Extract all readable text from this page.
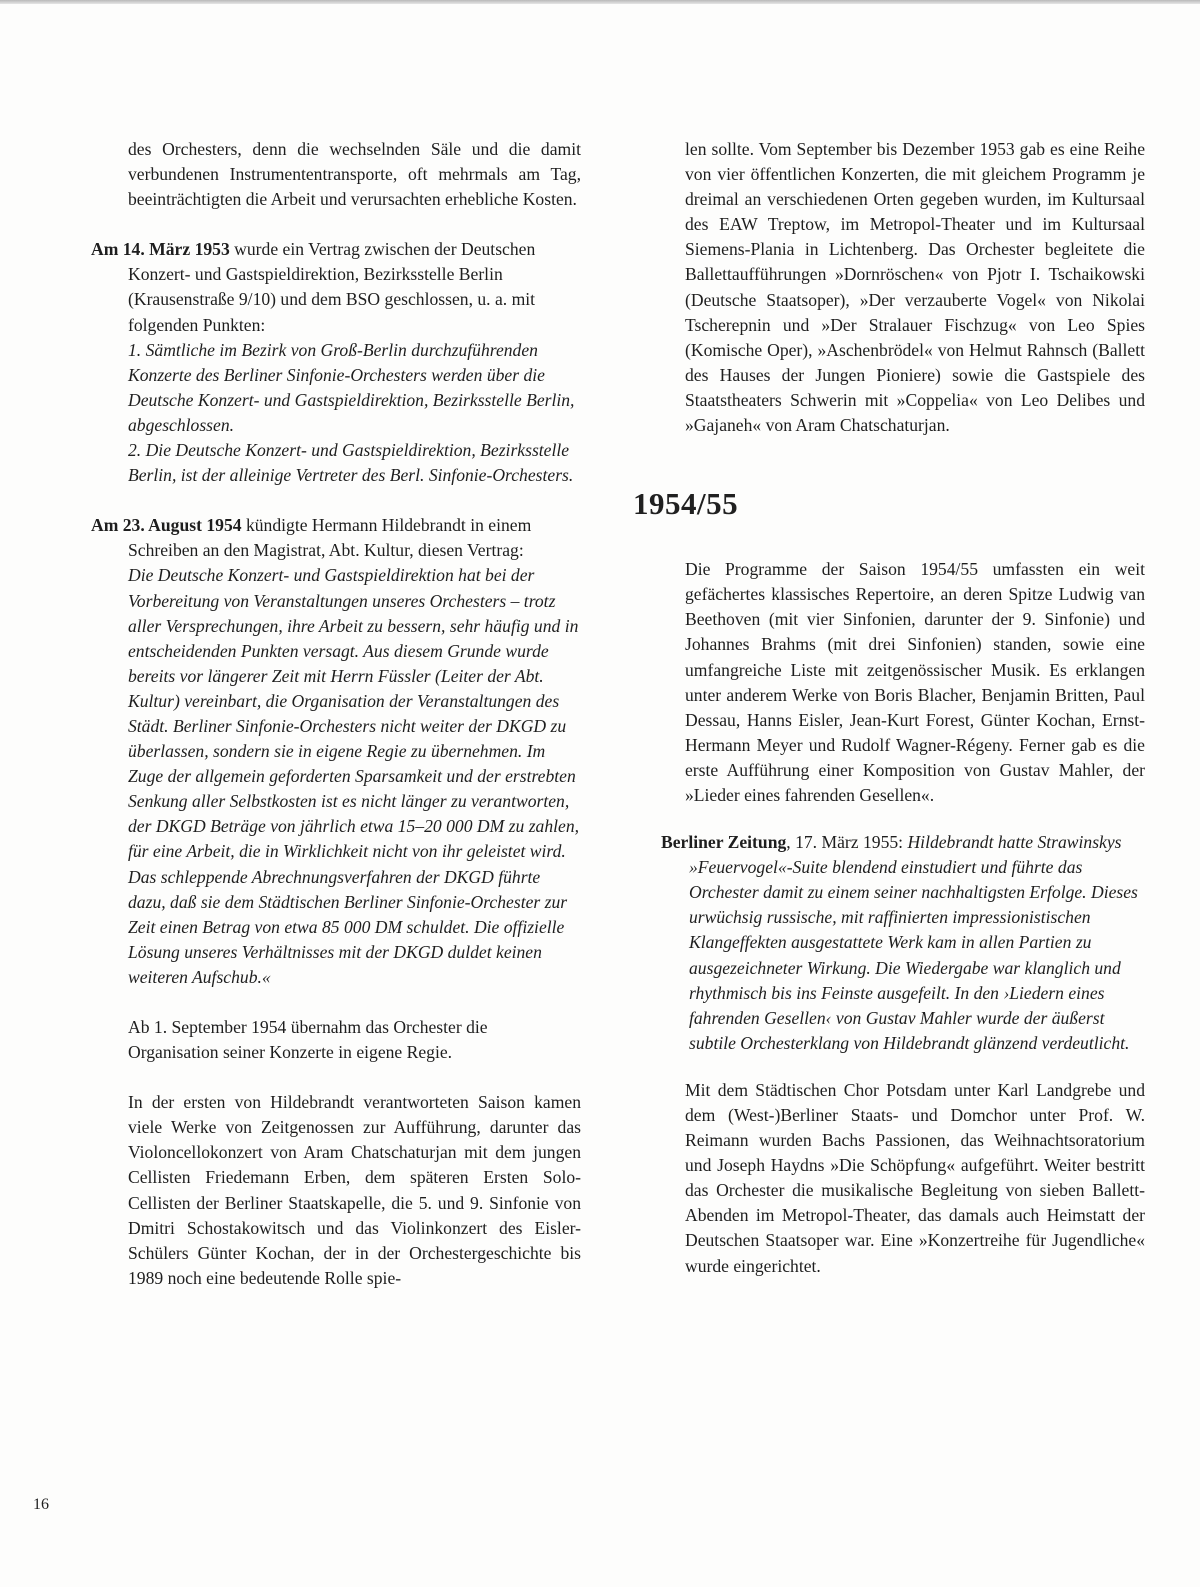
des Orchesters, denn die wechselnden Säle und die damit verbundenen Instrumententransporte, oft mehrmals am Tag, beeinträchtigten die Arbeit und verursachten erhebliche Kosten.

Am 14. März 1953 wurde ein Vertrag zwischen der Deutschen Konzert- und Gastspieldirektion, Bezirksstelle Berlin (Krausenstraße 9/10) und dem BSO geschlossen, u. a. mit folgenden Punkten:

1. Sämtliche im Bezirk von Groß-Berlin durchzuführenden Konzerte des Berliner Sinfonie-Orchesters werden über die Deutsche Konzert- und Gastspieldirektion, Bezirksstelle Berlin, abgeschlossen.

2. Die Deutsche Konzert- und Gastspieldirektion, Bezirksstelle Berlin, ist der alleinige Vertreter des Berl. Sinfonie-Orchesters.

Am 23. August 1954 kündigte Hermann Hildebrandt in einem Schreiben an den Magistrat, Abt. Kultur, diesen Vertrag:

Die Deutsche Konzert- und Gastspieldirektion hat bei der Vorbereitung von Veranstaltungen unseres Orchesters – trotz aller Versprechungen, ihre Arbeit zu bessern, sehr häufig und in entscheidenden Punkten versagt. Aus diesem Grunde wurde bereits vor längerer Zeit mit Herrn Füssler (Leiter der Abt. Kultur) vereinbart, die Organisation der Veranstaltungen des Städt. Berliner Sinfonie-Orchesters nicht weiter der DKGD zu überlassen, sondern sie in eigene Regie zu übernehmen. Im Zuge der allgemein geforderten Sparsamkeit und der erstrebten Senkung aller Selbstkosten ist es nicht länger zu verantworten, der DKGD Beträge von jährlich etwa 15–20 000 DM zu zahlen, für eine Arbeit, die in Wirklichkeit nicht von ihr geleistet wird. Das schleppende Abrechnungsverfahren der DKGD führte dazu, daß sie dem Städtischen Berliner Sinfonie-Orchester zur Zeit einen Betrag von etwa 85 000 DM schuldet. Die offizielle Lösung unseres Verhältnisses mit der DKGD duldet keinen weiteren Aufschub.«

Ab 1. September 1954 übernahm das Orchester die Organisation seiner Konzerte in eigene Regie.

In der ersten von Hildebrandt verantworteten Saison kamen viele Werke von Zeitgenossen zur Aufführung, darunter das Violoncellokonzert von Aram Chatschaturjan mit dem jungen Cellisten Friedemann Erben, dem späteren Ersten Solo-Cellisten der Berliner Staatskapelle, die 5. und 9. Sinfonie von Dmitri Schostakowitsch und das Violinkonzert des Eisler-Schülers Günter Kochan, der in der Orchestergeschichte bis 1989 noch eine bedeutende Rolle spie-

len sollte. Vom September bis Dezember 1953 gab es eine Reihe von vier öffentlichen Konzerten, die mit gleichem Programm je dreimal an verschiedenen Orten gegeben wurden, im Kultursaal des EAW Treptow, im Metropol-Theater und im Kultursaal Siemens-Plania in Lichtenberg. Das Orchester begleitete die Ballettaufführungen »Dornröschen« von Pjotr I. Tschaikowski (Deutsche Staatsoper), »Der verzauberte Vogel« von Nikolai Tscherepnin und »Der Stralauer Fischzug« von Leo Spies (Komische Oper), »Aschenbrödel« von Helmut Rahnsch (Ballett des Hauses der Jungen Pioniere) sowie die Gastspiele des Staatstheaters Schwerin mit »Coppelia« von Leo Delibes und »Gajaneh« von Aram Chatschaturjan.

1954/55

Die Programme der Saison 1954/55 umfassten ein weit gefächertes klassisches Repertoire, an deren Spitze Ludwig van Beethoven (mit vier Sinfonien, darunter der 9. Sinfonie) und Johannes Brahms (mit drei Sinfonien) standen, sowie eine umfangreiche Liste mit zeitgenössischer Musik. Es erklangen unter anderem Werke von Boris Blacher, Benjamin Britten, Paul Dessau, Hanns Eisler, Jean-Kurt Forest, Günter Kochan, Ernst-Hermann Meyer und Rudolf Wagner-Régeny. Ferner gab es die erste Aufführung einer Komposition von Gustav Mahler, der »Lieder eines fahrenden Gesellen«.

Berliner Zeitung, 17. März 1955: Hildebrandt hatte Strawinskys »Feuervogel«-Suite blendend einstudiert und führte das Orchester damit zu einem seiner nachhaltigsten Erfolge. Dieses urwüchsig russische, mit raffinierten impressionistischen Klangeffekten ausgestattete Werk kam in allen Partien zu ausgezeichneter Wirkung. Die Wiedergabe war klanglich und rhythmisch bis ins Feinste ausgefeilt. In den ›Liedern eines fahrenden Gesellen‹ von Gustav Mahler wurde der äußerst subtile Orchesterklang von Hildebrandt glänzend verdeutlicht.

Mit dem Städtischen Chor Potsdam unter Karl Landgrebe und dem (West-)Berliner Staats- und Domchor unter Prof. W. Reimann wurden Bachs Passionen, das Weihnachtsoratorium und Joseph Haydns »Die Schöpfung« aufgeführt. Weiter bestritt das Orchester die musikalische Begleitung von sieben Ballett-Abenden im Metropol-Theater, das damals auch Heimstatt der Deutschen Staatsoper war. Eine »Konzertreihe für Jugendliche« wurde eingerichtet.

16
